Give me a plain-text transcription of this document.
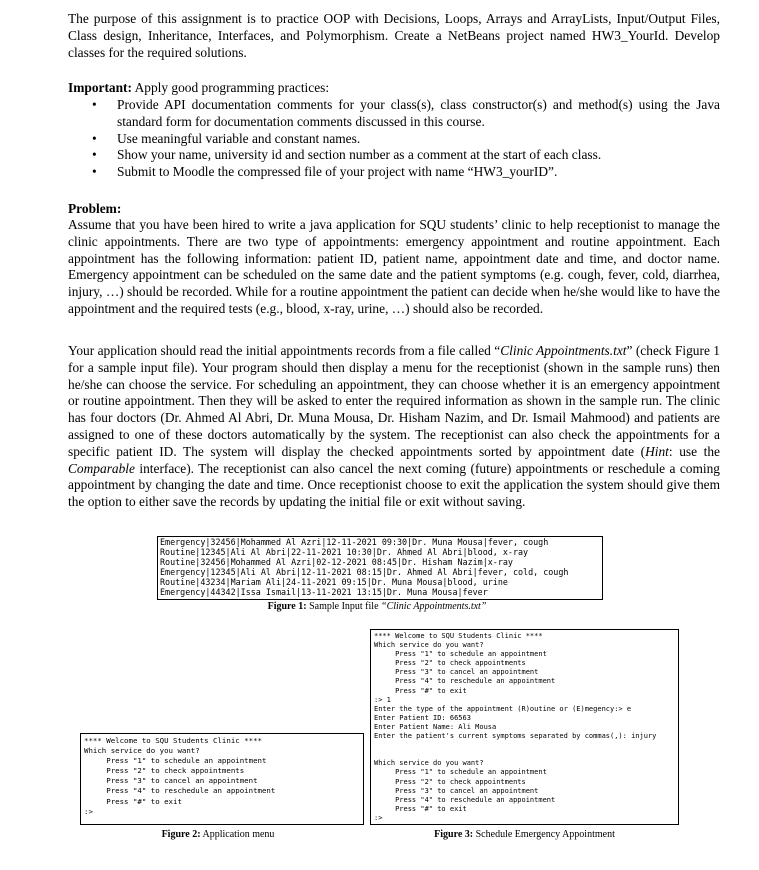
The purpose of this assignment is to practice OOP with Decisions, Loops, Arrays and ArrayLists, Input/Output Files, Class design, Inheritance, Interfaces, and Polymorphism. Create a NetBeans project named HW3_YourId. Develop classes for the required solutions.

Important: Apply good programming practices:

• Provide API documentation comments for your class(s), class constructor(s) and method(s) using the Java standard form for documentation comments discussed in this course.
• Use meaningful variable and constant names.
• Show your name, university id and section number as a comment at the start of each class.
• Submit to Moodle the compressed file of your project with name “HW3_yourID”.

Problem:

Assume that you have been hired to write a java application for SQU students’ clinic to help receptionist to manage the clinic appointments. There are two type of appointments: emergency appointment and routine appointment. Each appointment has the following information: patient ID, patient name, appointment date and time, and doctor name. Emergency appointment can be scheduled on the same date and the patient symptoms (e.g. cough, fever, cold, diarrhea, injury, …) should be recorded. While for a routine appointment the patient can decide when he/she would like to have the appointment and the required tests (e.g., blood, x-ray, urine, …) should also be recorded.

Your application should read the initial appointments records from a file called “Clinic Appointments.txt” (check Figure 1 for a sample input file). Your program should then display a menu for the receptionist (shown in the sample runs) then he/she can choose the service. For scheduling an appointment, they can choose whether it is an emergency appointment or routine appointment. Then they will be asked to enter the required information as shown in the sample run. The clinic has four doctors (Dr. Ahmed Al Abri, Dr. Muna Mousa, Dr. Hisham Nazim, and Dr. Ismail Mahmood) and patients are assigned to one of these doctors automatically by the system. The receptionist can also check the appointments for a specific patient ID. The system will display the checked appointments sorted by appointment date (Hint: use the Comparable interface). The receptionist can also cancel the next coming (future) appointments or reschedule a coming appointment by changing the date and time. Once receptionist choose to exit the application the system should give them the option to either save the records by updating the initial file or exit without saving.

Emergency|32456|Mohammed Al Azri|12-11-2021 09:30|Dr. Muna Mousa|fever, cough
Routine|12345|Ali Al Abri|22-11-2021 10:30|Dr. Ahmed Al Abri|blood, x-ray
Routine|32456|Mohammed Al Azri|02-12-2021 08:45|Dr. Hisham Nazim|x-ray
Emergency|12345|Ali Al Abri|12-11-2021 08:15|Dr. Ahmed Al Abri|fever, cold, cough
Routine|43234|Mariam Ali|24-11-2021 09:15|Dr. Muna Mousa|blood, urine
Emergency|44342|Issa Ismail|13-11-2021 13:15|Dr. Muna Mousa|fever
Figure 1: Sample Input file “Clinic Appointments.txt”
**** Welcome to SQU Students Clinic ****
Which service do you want?
Press "1" to schedule an appointment
Press "2" to check appointments
Press "3" to cancel an appointment
Press "4" to reschedule an appointment
Press "#" to exit
:>
Figure 2: Application menu
**** Welcome to SQU Students Clinic ****
Which service do you want?
Press "1" to schedule an appointment
Press "2" to check appointments
Press "3" to cancel an appointment
Press "4" to reschedule an appointment
Press "#" to exit
:> 1
Enter the type of the appointment (R)outine or (E)megency:> e
Enter Patient ID: 66563
Enter Patient Name: Ali Mousa
Enter the patient's current symptoms separated by commas(,): injury

Which service do you want?
Press "1" to schedule an appointment
Press "2" to check appointments
Press "3" to cancel an appointment
Press "4" to reschedule an appointment
Press "#" to exit
:>
Figure 3: Schedule Emergency Appointment
